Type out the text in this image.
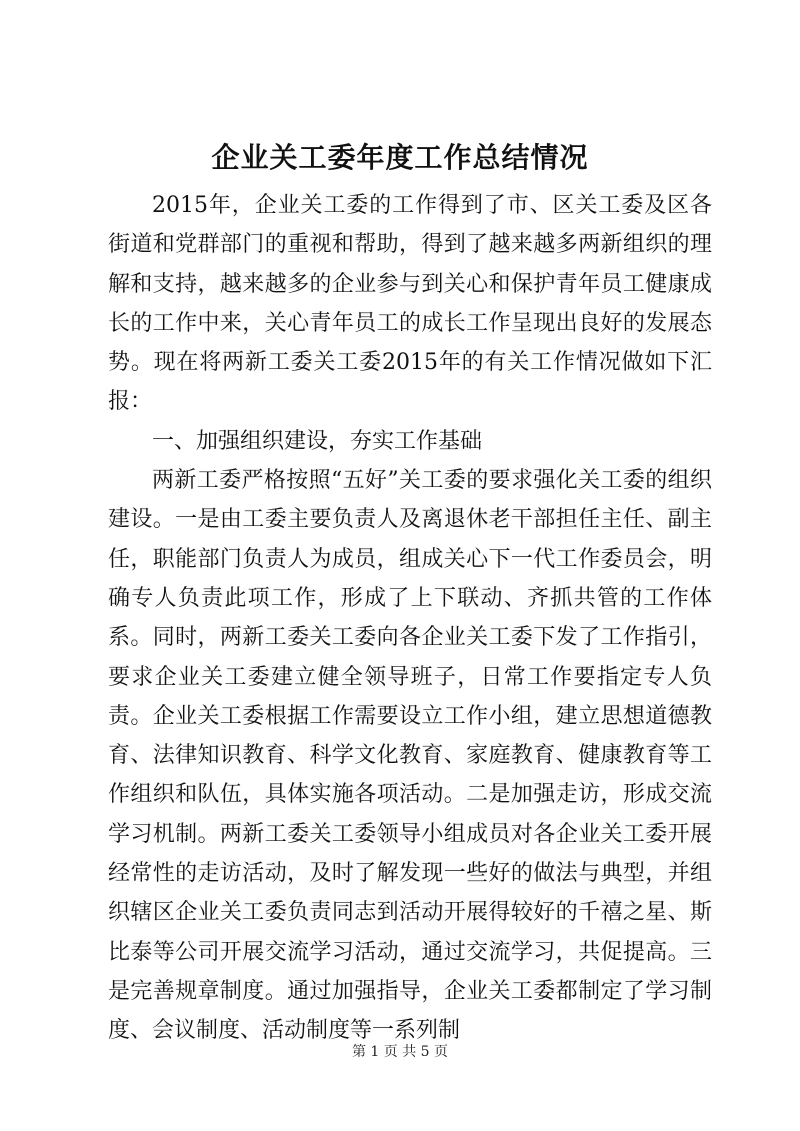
企业关工委年度工作总结情况

2015年，企业关工委的工作得到了市、区关工委及区各街道和党群部门的重视和帮助，得到了越来越多两新组织的理解和支持，越来越多的企业参与到关心和保护青年员工健康成长的工作中来，关心青年员工的成长工作呈现出良好的发展态势。现在将两新工委关工委2015年的有关工作情况做如下汇报：

一、加强组织建设，夯实工作基础

两新工委严格按照“五好”关工委的要求强化关工委的组织建设。一是由工委主要负责人及离退休老干部担任主任、副主任，职能部门负责人为成员，组成关心下一代工作委员会，明确专人负责此项工作，形成了上下联动、齐抓共管的工作体系。同时，两新工委关工委向各企业关工委下发了工作指引，要求企业关工委建立健全领导班子，日常工作要指定专人负责。企业关工委根据工作需要设立工作小组，建立思想道德教育、法律知识教育、科学文化教育、家庭教育、健康教育等工作组织和队伍，具体实施各项活动。二是加强走访，形成交流学习机制。两新工委关工委领导小组成员对各企业关工委开展经常性的走访活动，及时了解发现一些好的做法与典型，并组织辖区企业关工委负责同志到活动开展得较好的千禧之星、斯比泰等公司开展交流学习活动，通过交流学习，共促提高。三是完善规章制度。通过加强指导，企业关工委都制定了学习制度、会议制度、活动制度等一系列制

第 1 页 共 5 页
